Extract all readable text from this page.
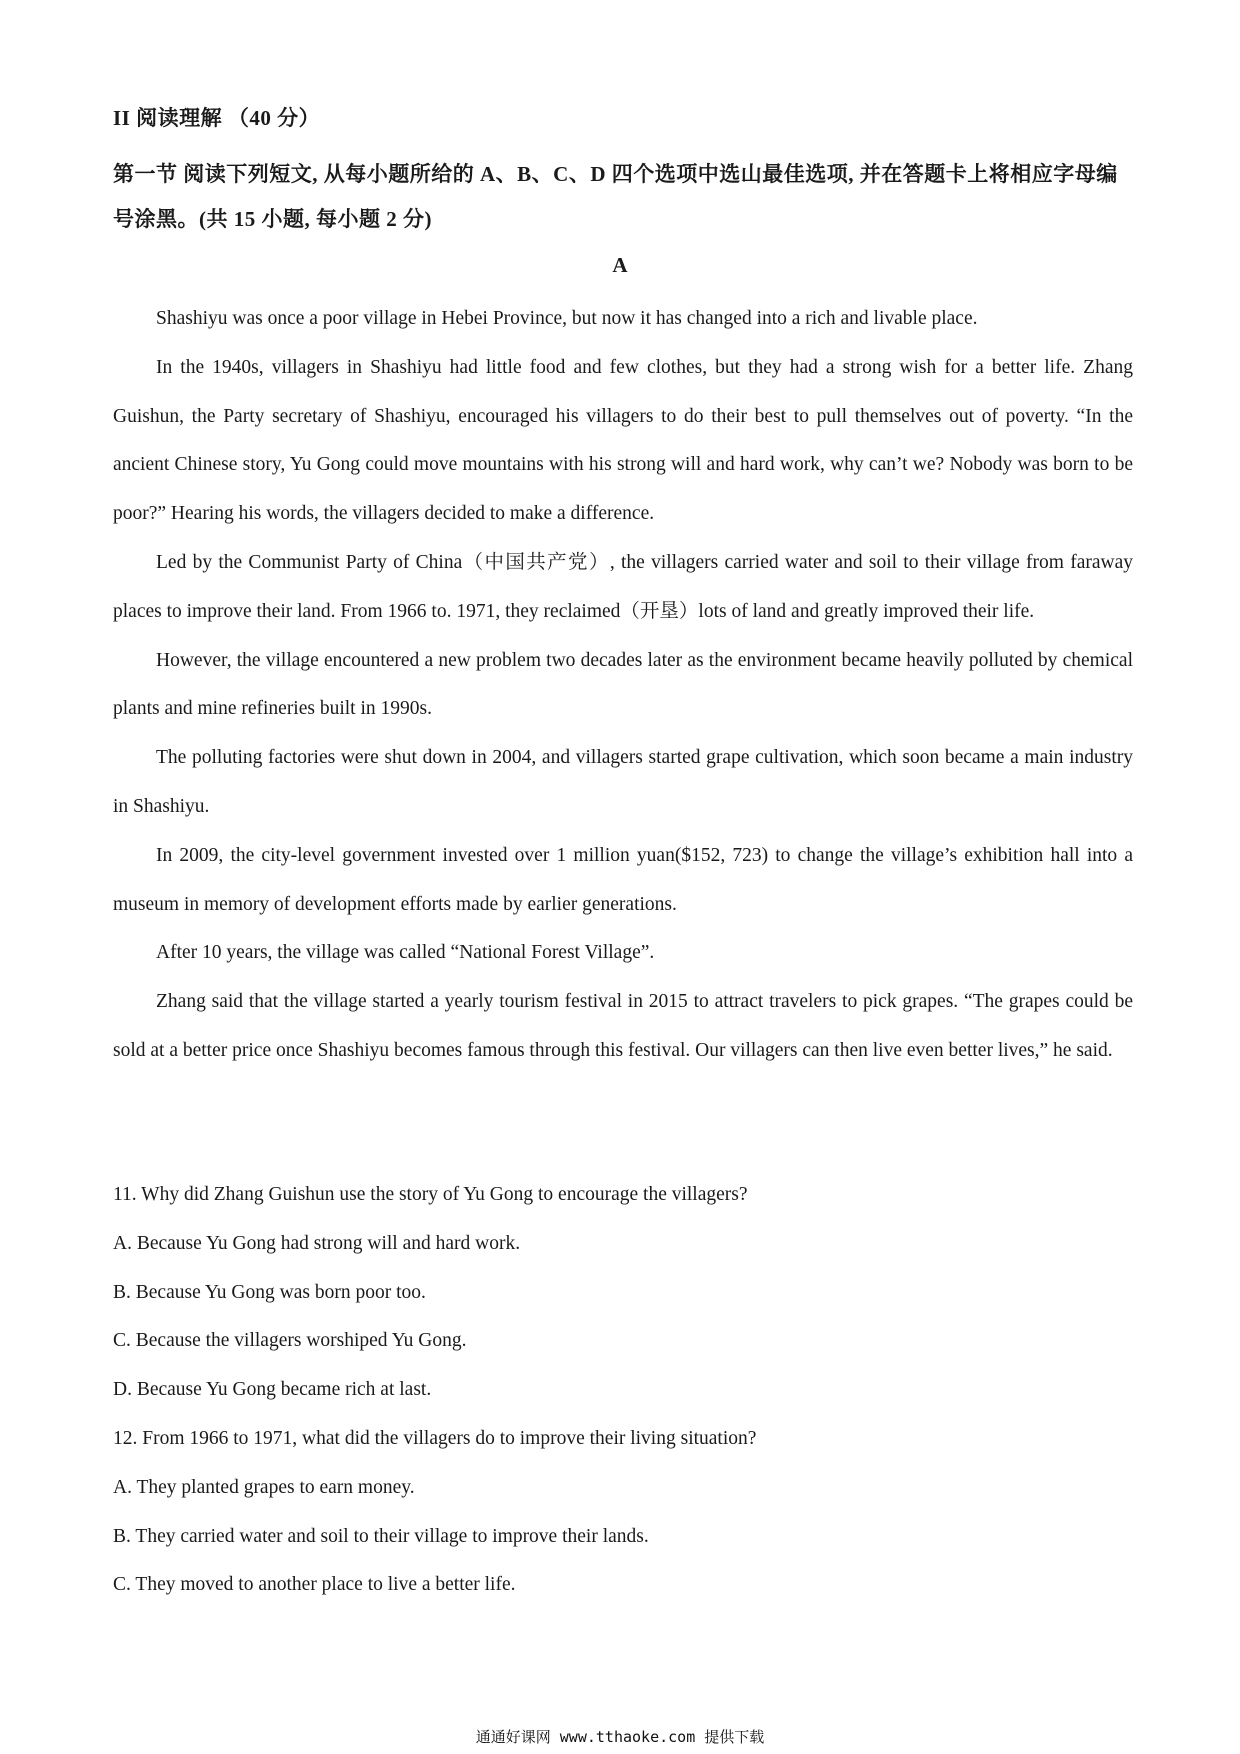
II 阅读理解 （40 分）
第一节 阅读下列短文, 从每小题所给的 A、B、C、D 四个选项中选山最佳选项, 并在答题卡上将相应字母编号涂黑。(共 15 小题, 每小题 2 分)
A

Shashiyu was once a poor village in Hebei Province, but now it has changed into a rich and livable place.

In the 1940s, villagers in Shashiyu had little food and few clothes, but they had a strong wish for a better life. Zhang Guishun, the Party secretary of Shashiyu, encouraged his villagers to do their best to pull themselves out of poverty. “In the ancient Chinese story, Yu Gong could move mountains with his strong will and hard work, why can’t we? Nobody was born to be poor?” Hearing his words, the villagers decided to make a difference.

Led by the Communist Party of China（中国共产党）, the villagers carried water and soil to their village from faraway places to improve their land. From 1966 to. 1971, they reclaimed（开垦）lots of land and greatly improved their life.

However, the village encountered a new problem two decades later as the environment became heavily polluted by chemical plants and mine refineries built in 1990s.

The polluting factories were shut down in 2004, and villagers started grape cultivation, which soon became a main industry in Shashiyu.

In 2009, the city-level government invested over 1 million yuan($152, 723) to change the village’s exhibition hall into a museum in memory of development efforts made by earlier generations.

After 10 years, the village was called “National Forest Village”.

Zhang said that the village started a yearly tourism festival in 2015 to attract travelers to pick grapes. “The grapes could be sold at a better price once Shashiyu becomes famous through this festival. Our villagers can then live even better lives,” he said.

11. Why did Zhang Guishun use the story of Yu Gong to encourage the villagers?
A. Because Yu Gong had strong will and hard work.
B. Because Yu Gong was born poor too.
C. Because the villagers worshiped Yu Gong.
D. Because Yu Gong became rich at last.
12. From 1966 to 1971, what did the villagers do to improve their living situation?
A. They planted grapes to earn money.
B. They carried water and soil to their village to improve their lands.
C. They moved to another place to live a better life.
通通好课网 www.tthaoke.com 提供下载
